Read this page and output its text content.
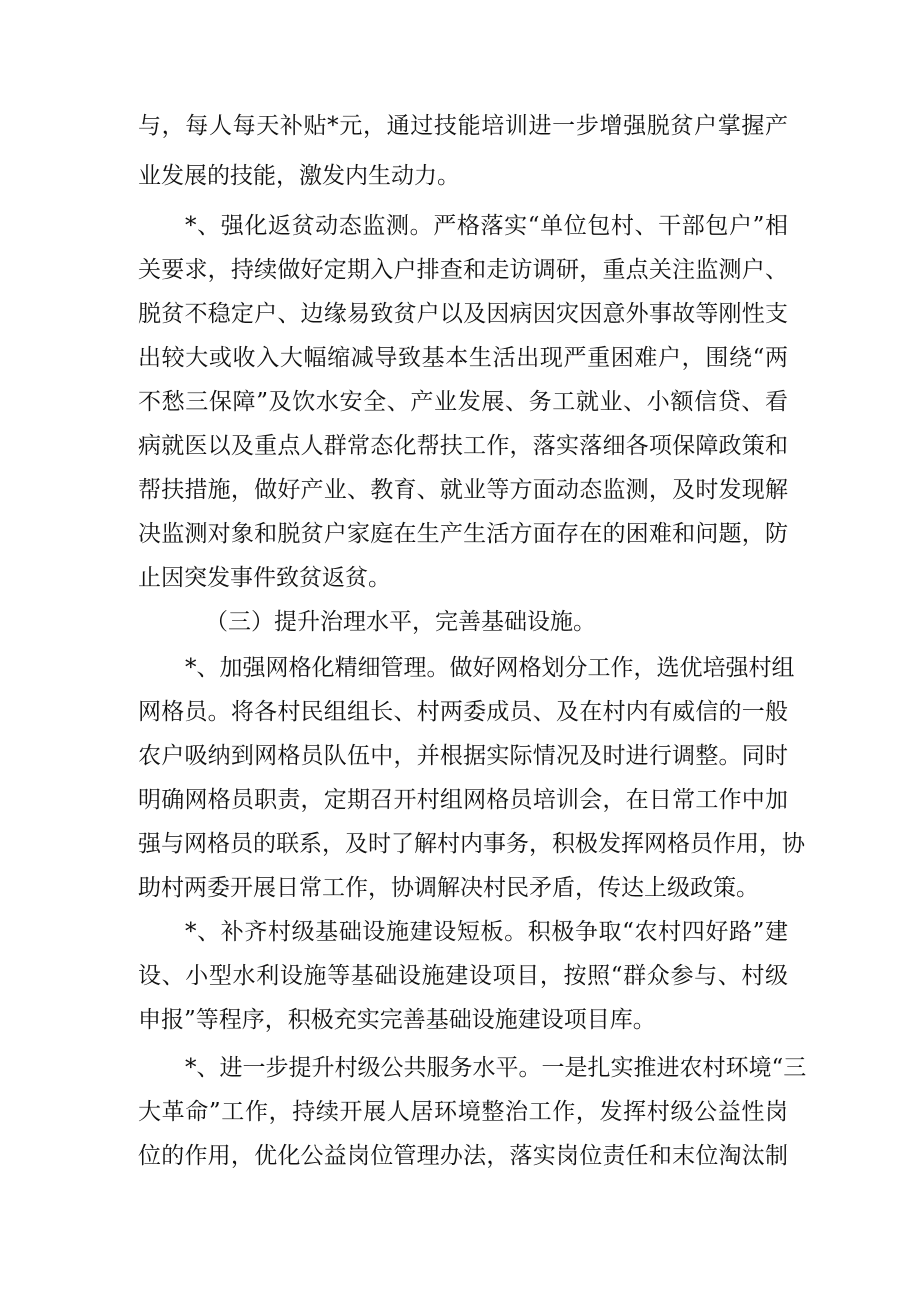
与，每人每天补贴*元，通过技能培训进一步增强脱贫户掌握产
业发展的技能，激发内生动力。
*、强化返贫动态监测。严格落实“单位包村、干部包户”相
关要求，持续做好定期入户排查和走访调研，重点关注监测户、
脱贫不稳定户、边缘易致贫户以及因病因灾因意外事故等刚性支
出较大或收入大幅缩减导致基本生活出现严重困难户，围绕“两
不愁三保障”及饮水安全、产业发展、务工就业、小额信贷、看
病就医以及重点人群常态化帮扶工作，落实落细各项保障政策和
帮扶措施，做好产业、教育、就业等方面动态监测，及时发现解
决监测对象和脱贫户家庭在生产生活方面存在的困难和问题，防
止因突发事件致贫返贫。
（三）提升治理水平，完善基础设施。
*、加强网格化精细管理。做好网格划分工作，选优培强村组
网格员。将各村民组组长、村两委成员、及在村内有威信的一般
农户吸纳到网格员队伍中，并根据实际情况及时进行调整。同时
明确网格员职责，定期召开村组网格员培训会，在日常工作中加
强与网格员的联系，及时了解村内事务，积极发挥网格员作用，协
助村两委开展日常工作，协调解决村民矛盾，传达上级政策。
*、补齐村级基础设施建设短板。积极争取“农村四好路”建
设、小型水利设施等基础设施建设项目，按照“群众参与、村级
申报”等程序，积极充实完善基础设施建设项目库。
*、进一步提升村级公共服务水平。一是扎实推进农村环境“三
大革命”工作，持续开展人居环境整治工作，发挥村级公益性岗
位的作用，优化公益岗位管理办法，落实岗位责任和末位淘汰制
